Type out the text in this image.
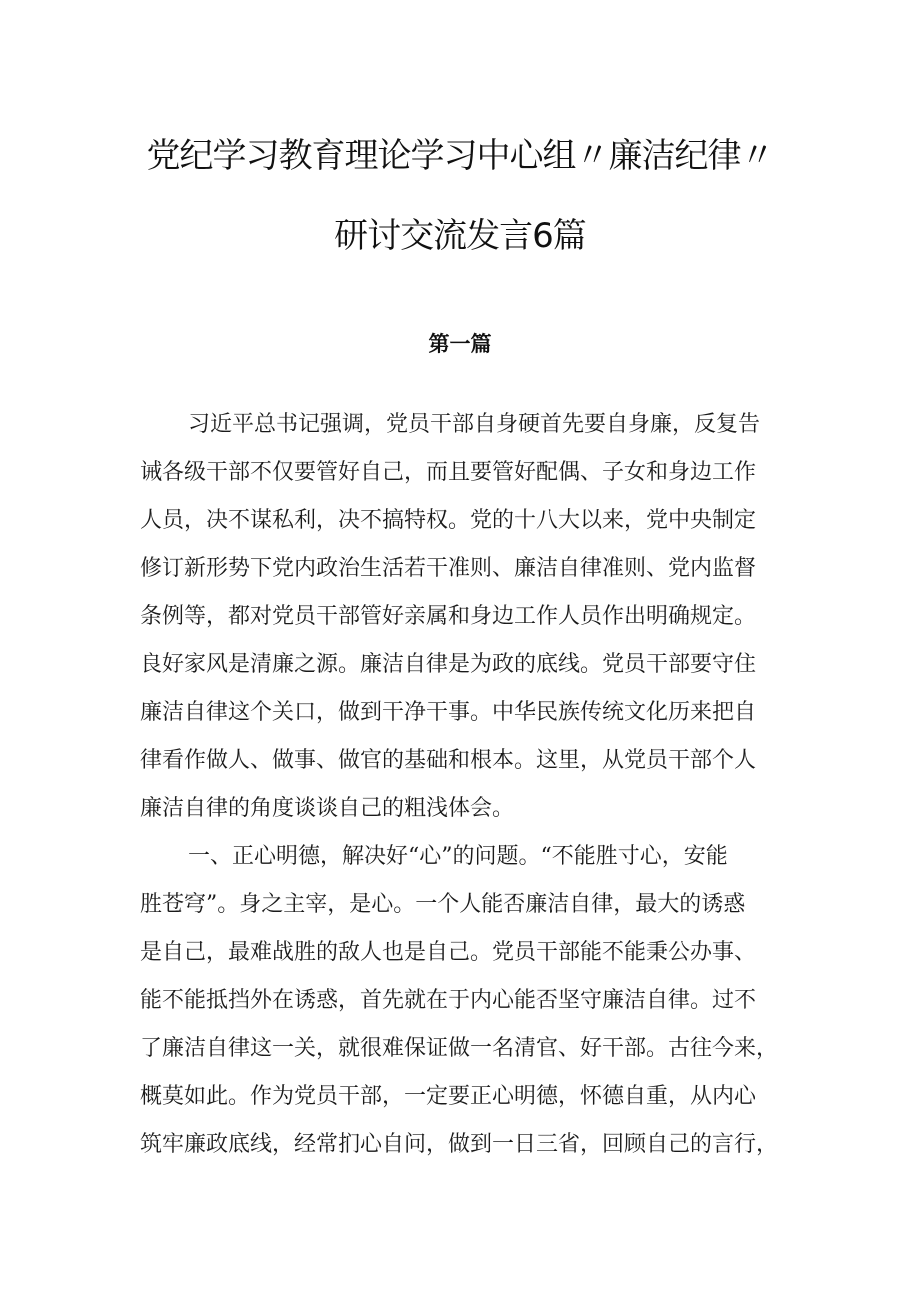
党纪学习教育理论学习中心组〃廉洁纪律〃
研讨交流发言6篇
第一篇

习近平总书记强调，党员干部自身硬首先要自身廉，反复告

诫各级干部不仅要管好自己，而且要管好配偶、子女和身边工作

人员，决不谋私利，决不搞特权。党的十八大以来，党中央制定

修订新形势下党内政治生活若干准则、廉洁自律准则、党内监督

条例等，都对党员干部管好亲属和身边工作人员作出明确规定。

良好家风是清廉之源。廉洁自律是为政的底线。党员干部要守住

廉洁自律这个关口，做到干净干事。中华民族传统文化历来把自

律看作做人、做事、做官的基础和根本。这里，从党员干部个人

廉洁自律的角度谈谈自己的粗浅体会。

一、正心明德，解决好“心”的问题。“不能胜寸心，安能

胜苍穹”。身之主宰，是心。一个人能否廉洁自律，最大的诱惑

是自己，最难战胜的敌人也是自己。党员干部能不能秉公办事、

能不能抵挡外在诱惑，首先就在于内心能否坚守廉洁自律。过不

了廉洁自律这一关，就很难保证做一名清官、好干部。古往今来，

概莫如此。作为党员干部，一定要正心明德，怀德自重，从内心

筑牢廉政底线，经常扪心自问，做到一日三省，回顾自己的言行，
